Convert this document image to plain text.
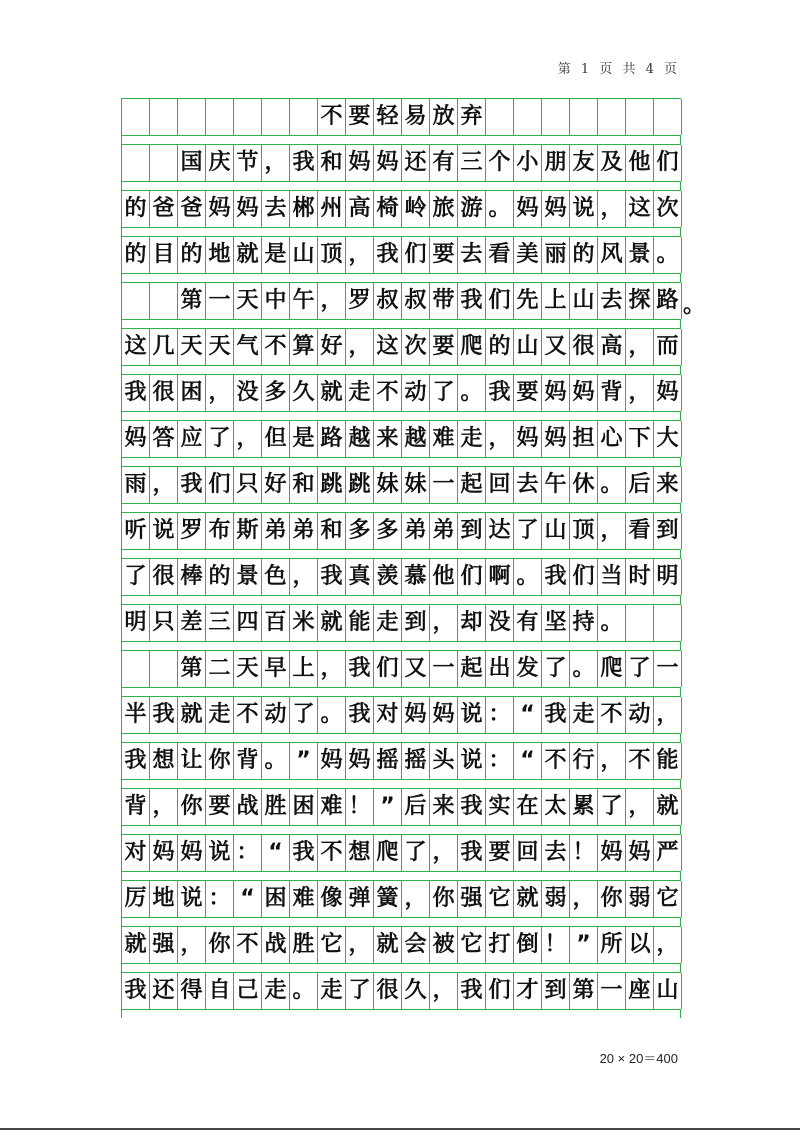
第 1 页 共 4 页
不 要 轻 易 放 弃
国 庆 节 ， 我 和 妈 妈 还 有 三 个 小 朋 友 及 他 们
的 爸 爸 妈 妈 去 郴 州 高 椅 岭 旅 游 。 妈 妈 说 ， 这 次
的 目 的 地 就 是 山 顶 ， 我 们 要 去 看 美 丽 的 风 景 。
第 一 天 中 午 ， 罗 叔 叔 带 我 们 先 上 山 去 探 路 。
这 几 天 天 气 不 算 好 ， 这 次 要 爬 的 山 又 很 高 ， 而
我 很 困 ， 没 多 久 就 走 不 动 了 。 我 要 妈 妈 背 ， 妈
妈 答 应 了 ， 但 是 路 越 来 越 难 走 ， 妈 妈 担 心 下 大
雨 ， 我 们 只 好 和 跳 跳 妹 妹 一 起 回 去 午 休 。 后 来
听 说 罗 布 斯 弟 弟 和 多 多 弟 弟 到 达 了 山 顶 ， 看 到
了 很 棒 的 景 色 ， 我 真 羡 慕 他 们 啊 。 我 们 当 时 明
明 只 差 三 四 百 米 就 能 走 到 ， 却 没 有 坚 持 。
第 二 天 早 上 ， 我 们 又 一 起 出 发 了 。 爬 了 一
半 我 就 走 不 动 了 。 我 对 妈 妈 说 ： “ 我 走 不 动 ，
我 想 让 你 背 。 ” 妈 妈 摇 摇 头 说 ： “ 不 行 ， 不 能
背 ， 你 要 战 胜 困 难 ！ ” 后 来 我 实 在 太 累 了 ， 就
对 妈 妈 说 ： “ 我 不 想 爬 了 ， 我 要 回 去 ！ 妈 妈 严
厉 地 说 ： “ 困 难 像 弹 簧 ， 你 强 它 就 弱 ， 你 弱 它
就 强 ， 你 不 战 胜 它 ， 就 会 被 它 打 倒 ！ ” 所 以 ，
我 还 得 自 己 走 。 走 了 很 久 ， 我 们 才 到 第 一 座 山
20 × 20＝400
